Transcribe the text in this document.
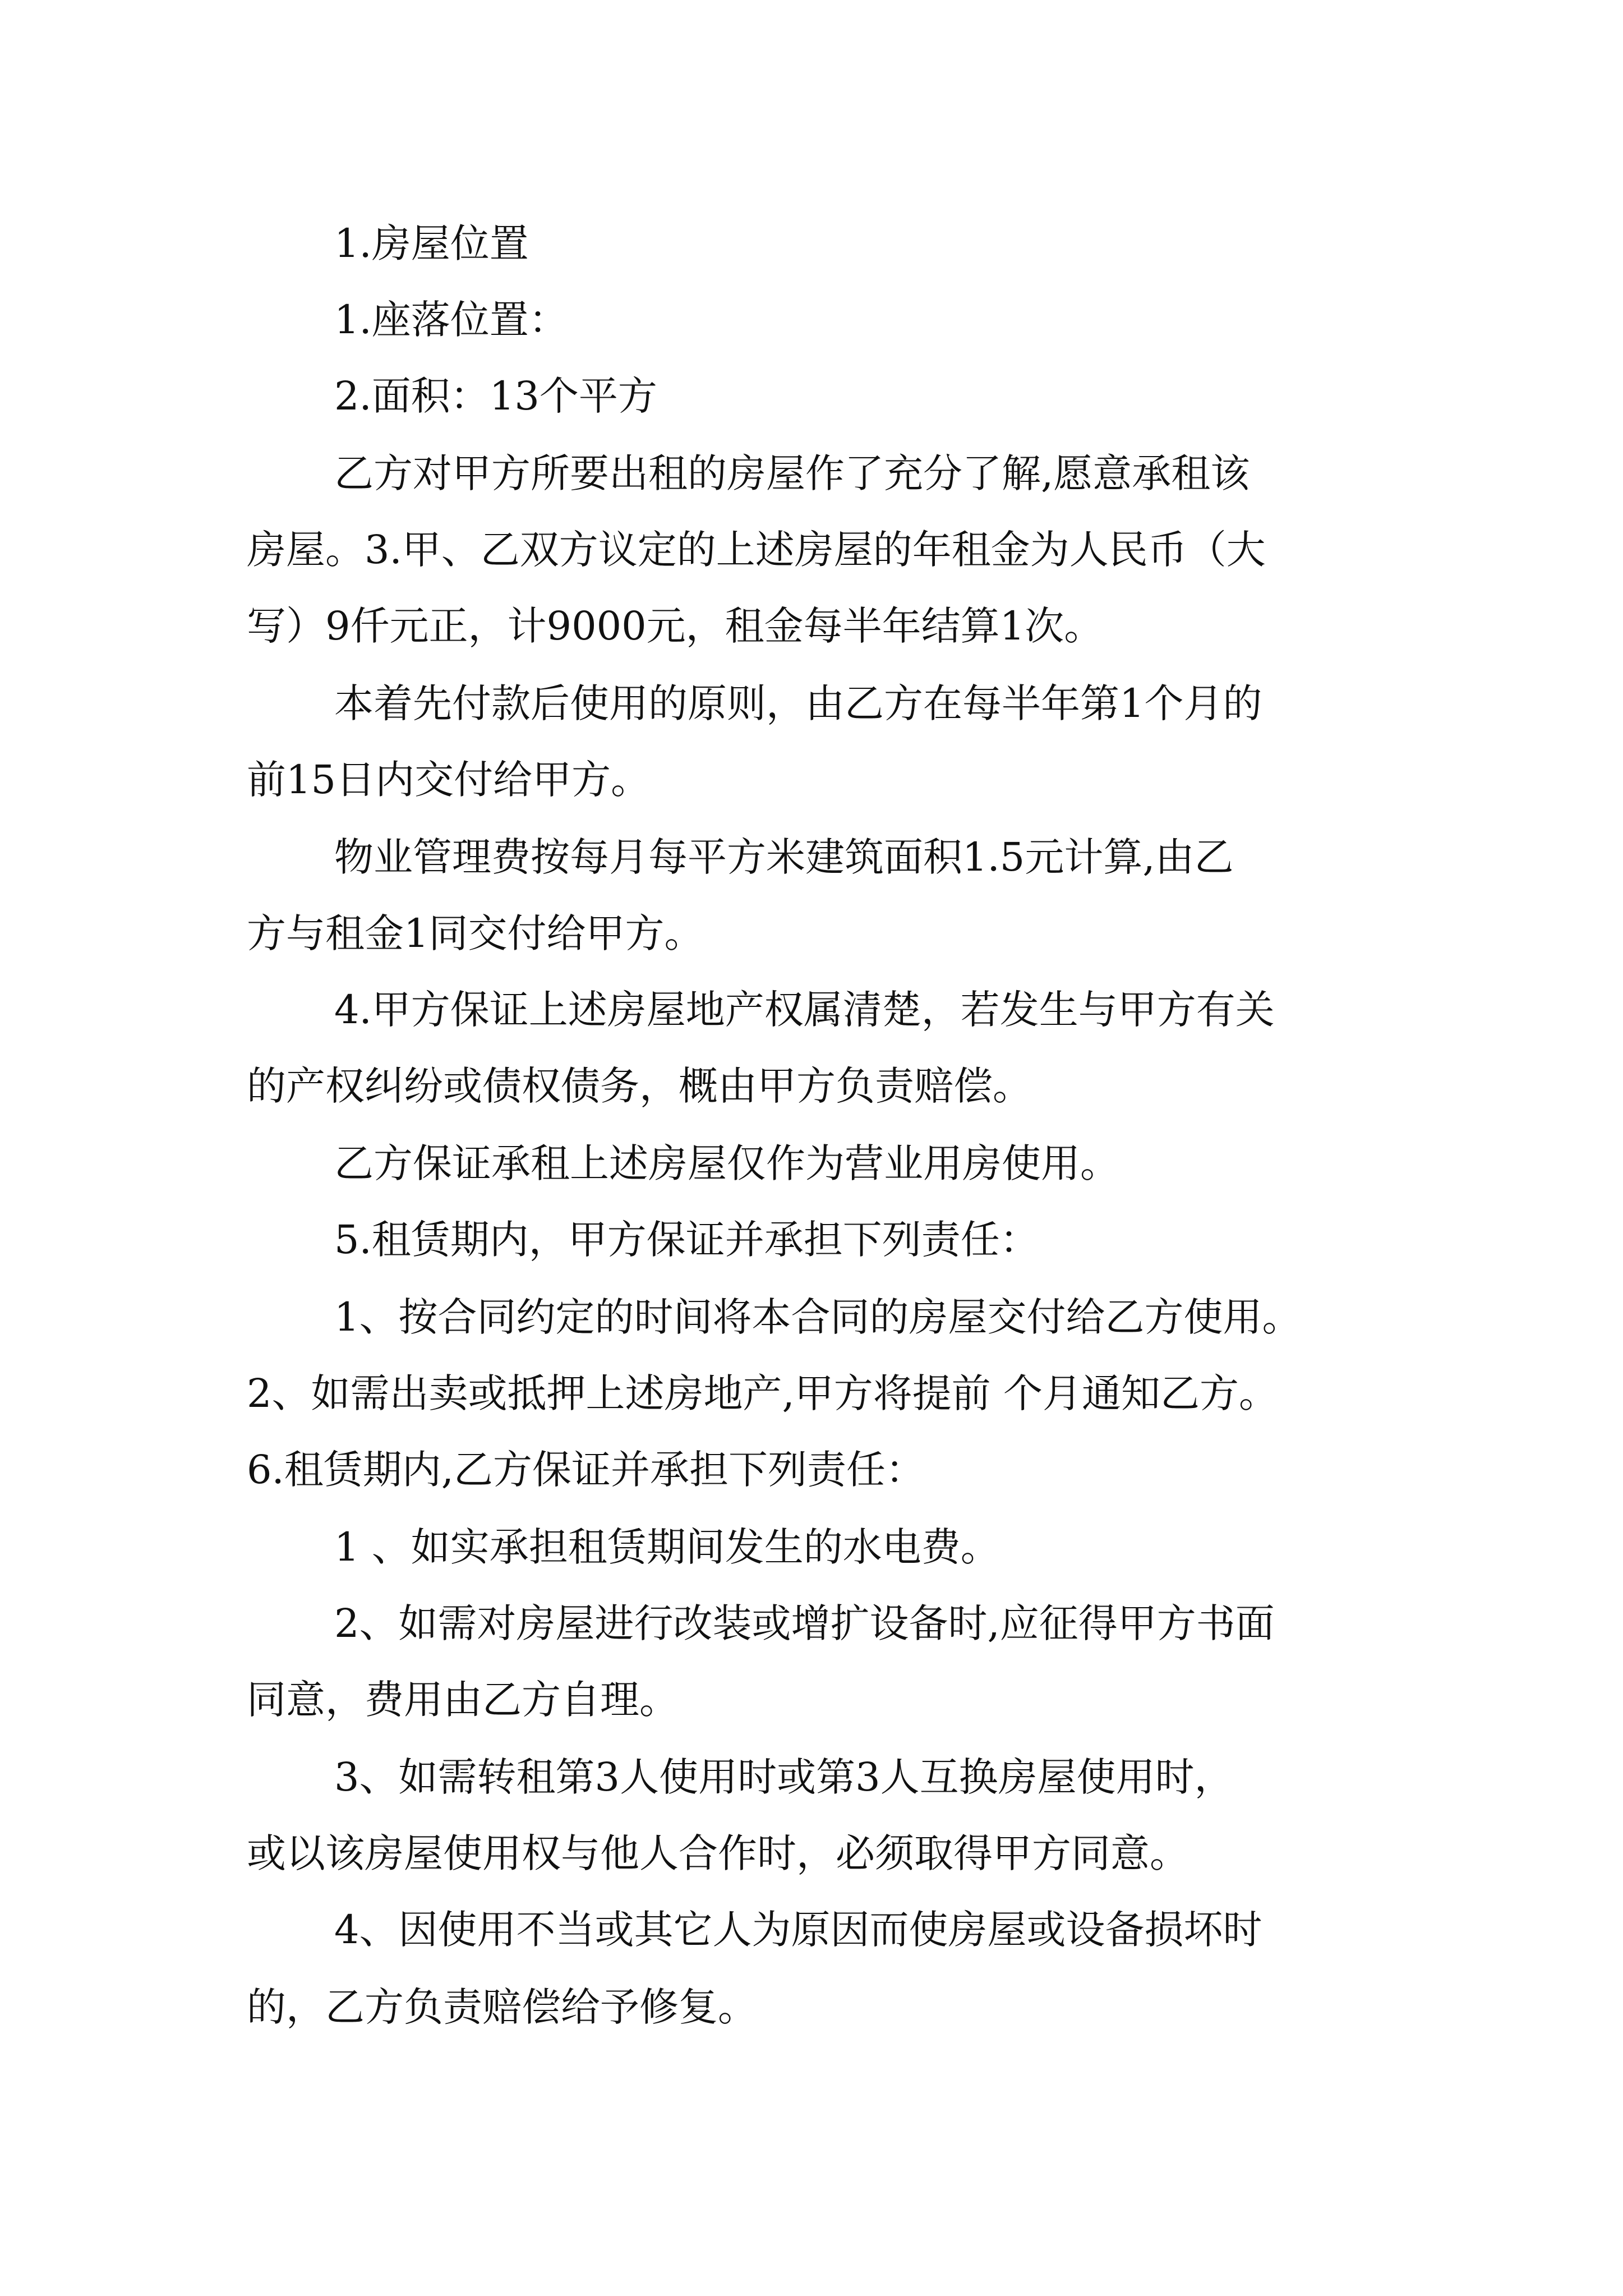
1.房屋位置
1.座落位置：
2.面积：13个平方
乙方对甲方所要出租的房屋作了充分了解,愿意承租该
房屋。3.甲、乙双方议定的上述房屋的年租金为人民币（大
写）9仟元正，计9000元，租金每半年结算1次。
本着先付款后使用的原则，由乙方在每半年第1个月的
前15日内交付给甲方。
物业管理费按每月每平方米建筑面积1.5元计算,由乙
方与租金1同交付给甲方。
4.甲方保证上述房屋地产权属清楚，若发生与甲方有关
的产权纠纷或债权债务，概由甲方负责赔偿。
乙方保证承租上述房屋仅作为营业用房使用。
5.租赁期内，甲方保证并承担下列责任：
1、按合同约定的时间将本合同的房屋交付给乙方使用。
2、如需出卖或抵押上述房地产,甲方将提前 个月通知乙方。
6.租赁期内,乙方保证并承担下列责任：
1 、如实承担租赁期间发生的水电费。
2、如需对房屋进行改装或增扩设备时,应征得甲方书面
同意，费用由乙方自理。
3、如需转租第3人使用时或第3人互换房屋使用时，
或以该房屋使用权与他人合作时，必须取得甲方同意。
4、因使用不当或其它人为原因而使房屋或设备损坏时
的，乙方负责赔偿给予修复。
